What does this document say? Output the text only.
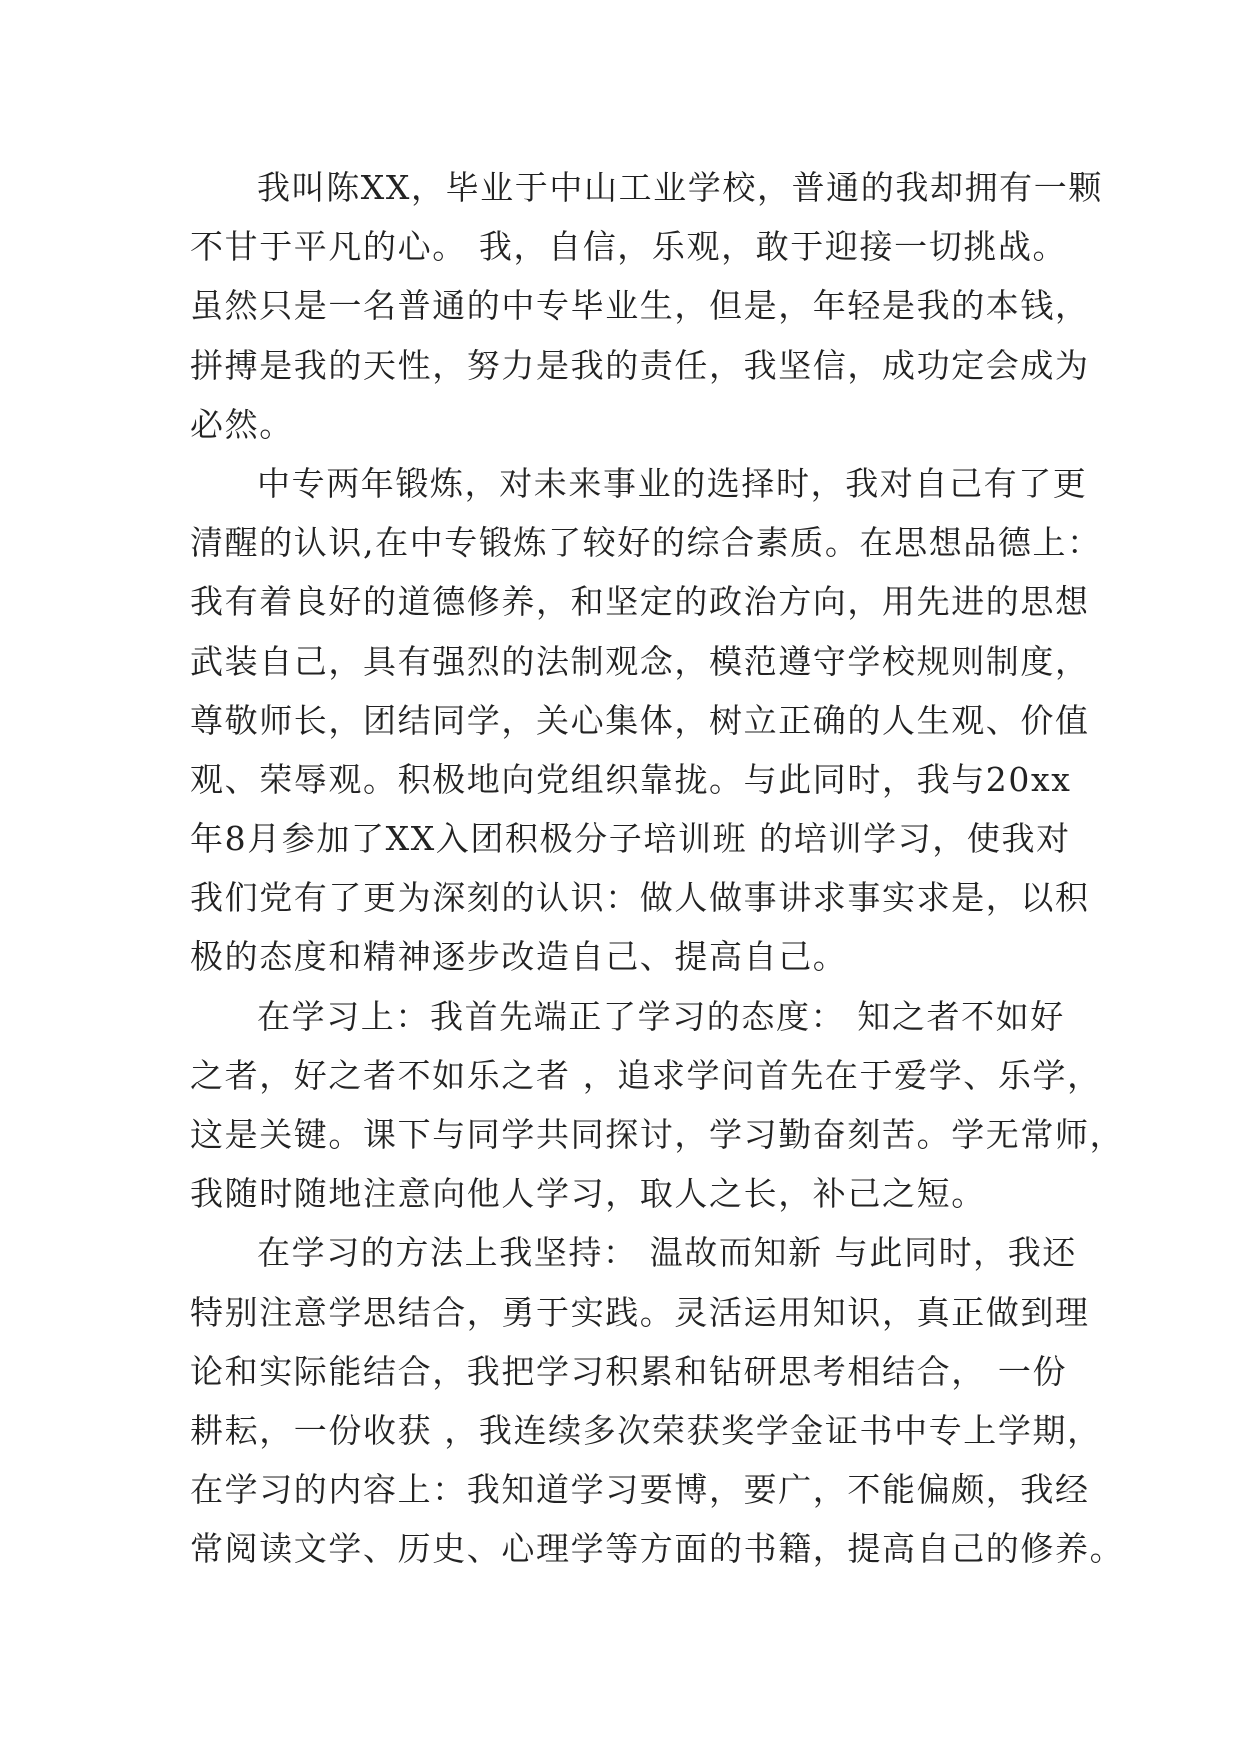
我叫陈XX，毕业于中山工业学校，普通的我却拥有一颗
不甘于平凡的心。 我，自信，乐观，敢于迎接一切挑战。
虽然只是一名普通的中专毕业生，但是，年轻是我的本钱，
拼搏是我的天性，努力是我的责任，我坚信，成功定会成为
必然。
中专两年锻炼，对未来事业的选择时，我对自己有了更
清醒的认识,在中专锻炼了较好的综合素质。在思想品德上：
我有着良好的道德修养，和坚定的政治方向，用先进的思想
武装自己，具有强烈的法制观念，模范遵守学校规则制度，
尊敬师长，团结同学，关心集体，树立正确的人生观、价值
观、荣辱观。积极地向党组织靠拢。与此同时，我与20xx
年8月参加了XX入团积极分子培训班 的培训学习，使我对
我们党有了更为深刻的认识：做人做事讲求事实求是，以积
极的态度和精神逐步改造自己、提高自己。
在学习上：我首先端正了学习的态度： 知之者不如好
之者，好之者不如乐之者 ，追求学问首先在于爱学、乐学，
这是关键。课下与同学共同探讨，学习勤奋刻苦。学无常师，
我随时随地注意向他人学习，取人之长，补己之短。
在学习的方法上我坚持： 温故而知新 与此同时，我还
特别注意学思结合，勇于实践。灵活运用知识，真正做到理
论和实际能结合，我把学习积累和钻研思考相结合， 一份
耕耘，一份收获 ，我连续多次荣获奖学金证书中专上学期，
在学习的内容上：我知道学习要博，要广，不能偏颇，我经
常阅读文学、历史、心理学等方面的书籍，提高自己的修养。
